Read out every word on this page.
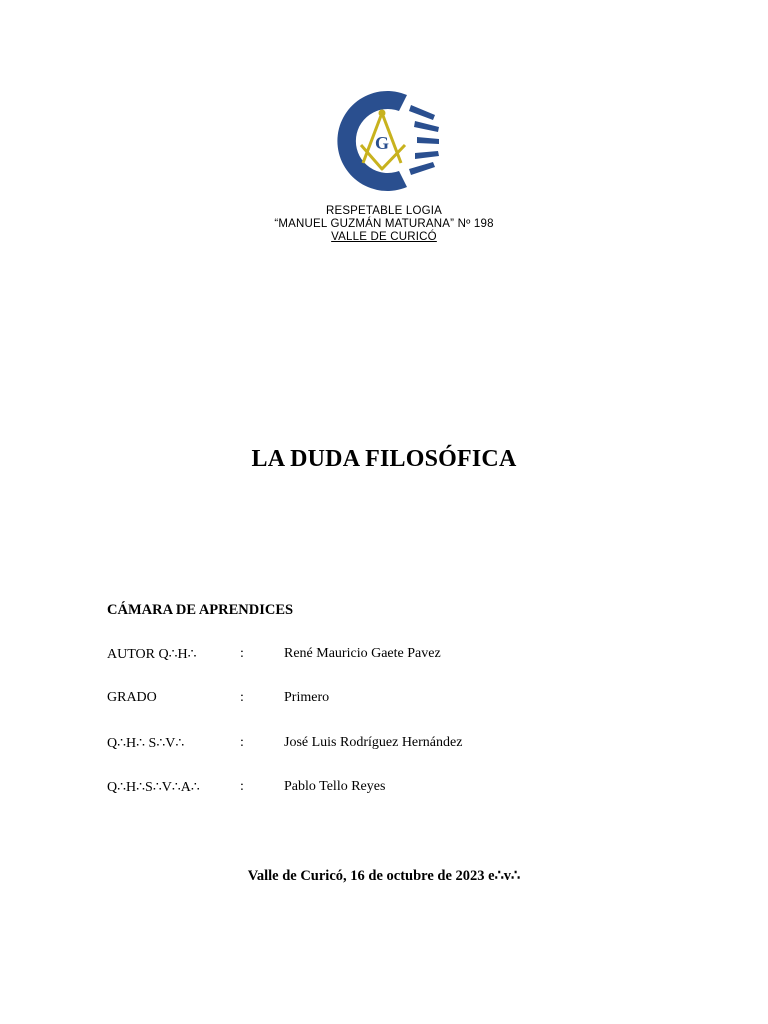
G
RESPETABLE LOGIA
“MANUEL GUZMÁN MATURANA” Nº 198
VALLE DE CURICÓ
LA DUDA FILOSÓFICA
CÁMARA DE APRENDICES
AUTOR Q∴H∴	:	René Mauricio Gaete Pavez
GRADO	:	Primero
Q∴H∴ S∴V∴	:	José Luis Rodríguez Hernández
Q∴H∴S∴V∴A∴	:	Pablo Tello Reyes
Valle de Curicó, 16 de octubre de 2023 e∴v∴
